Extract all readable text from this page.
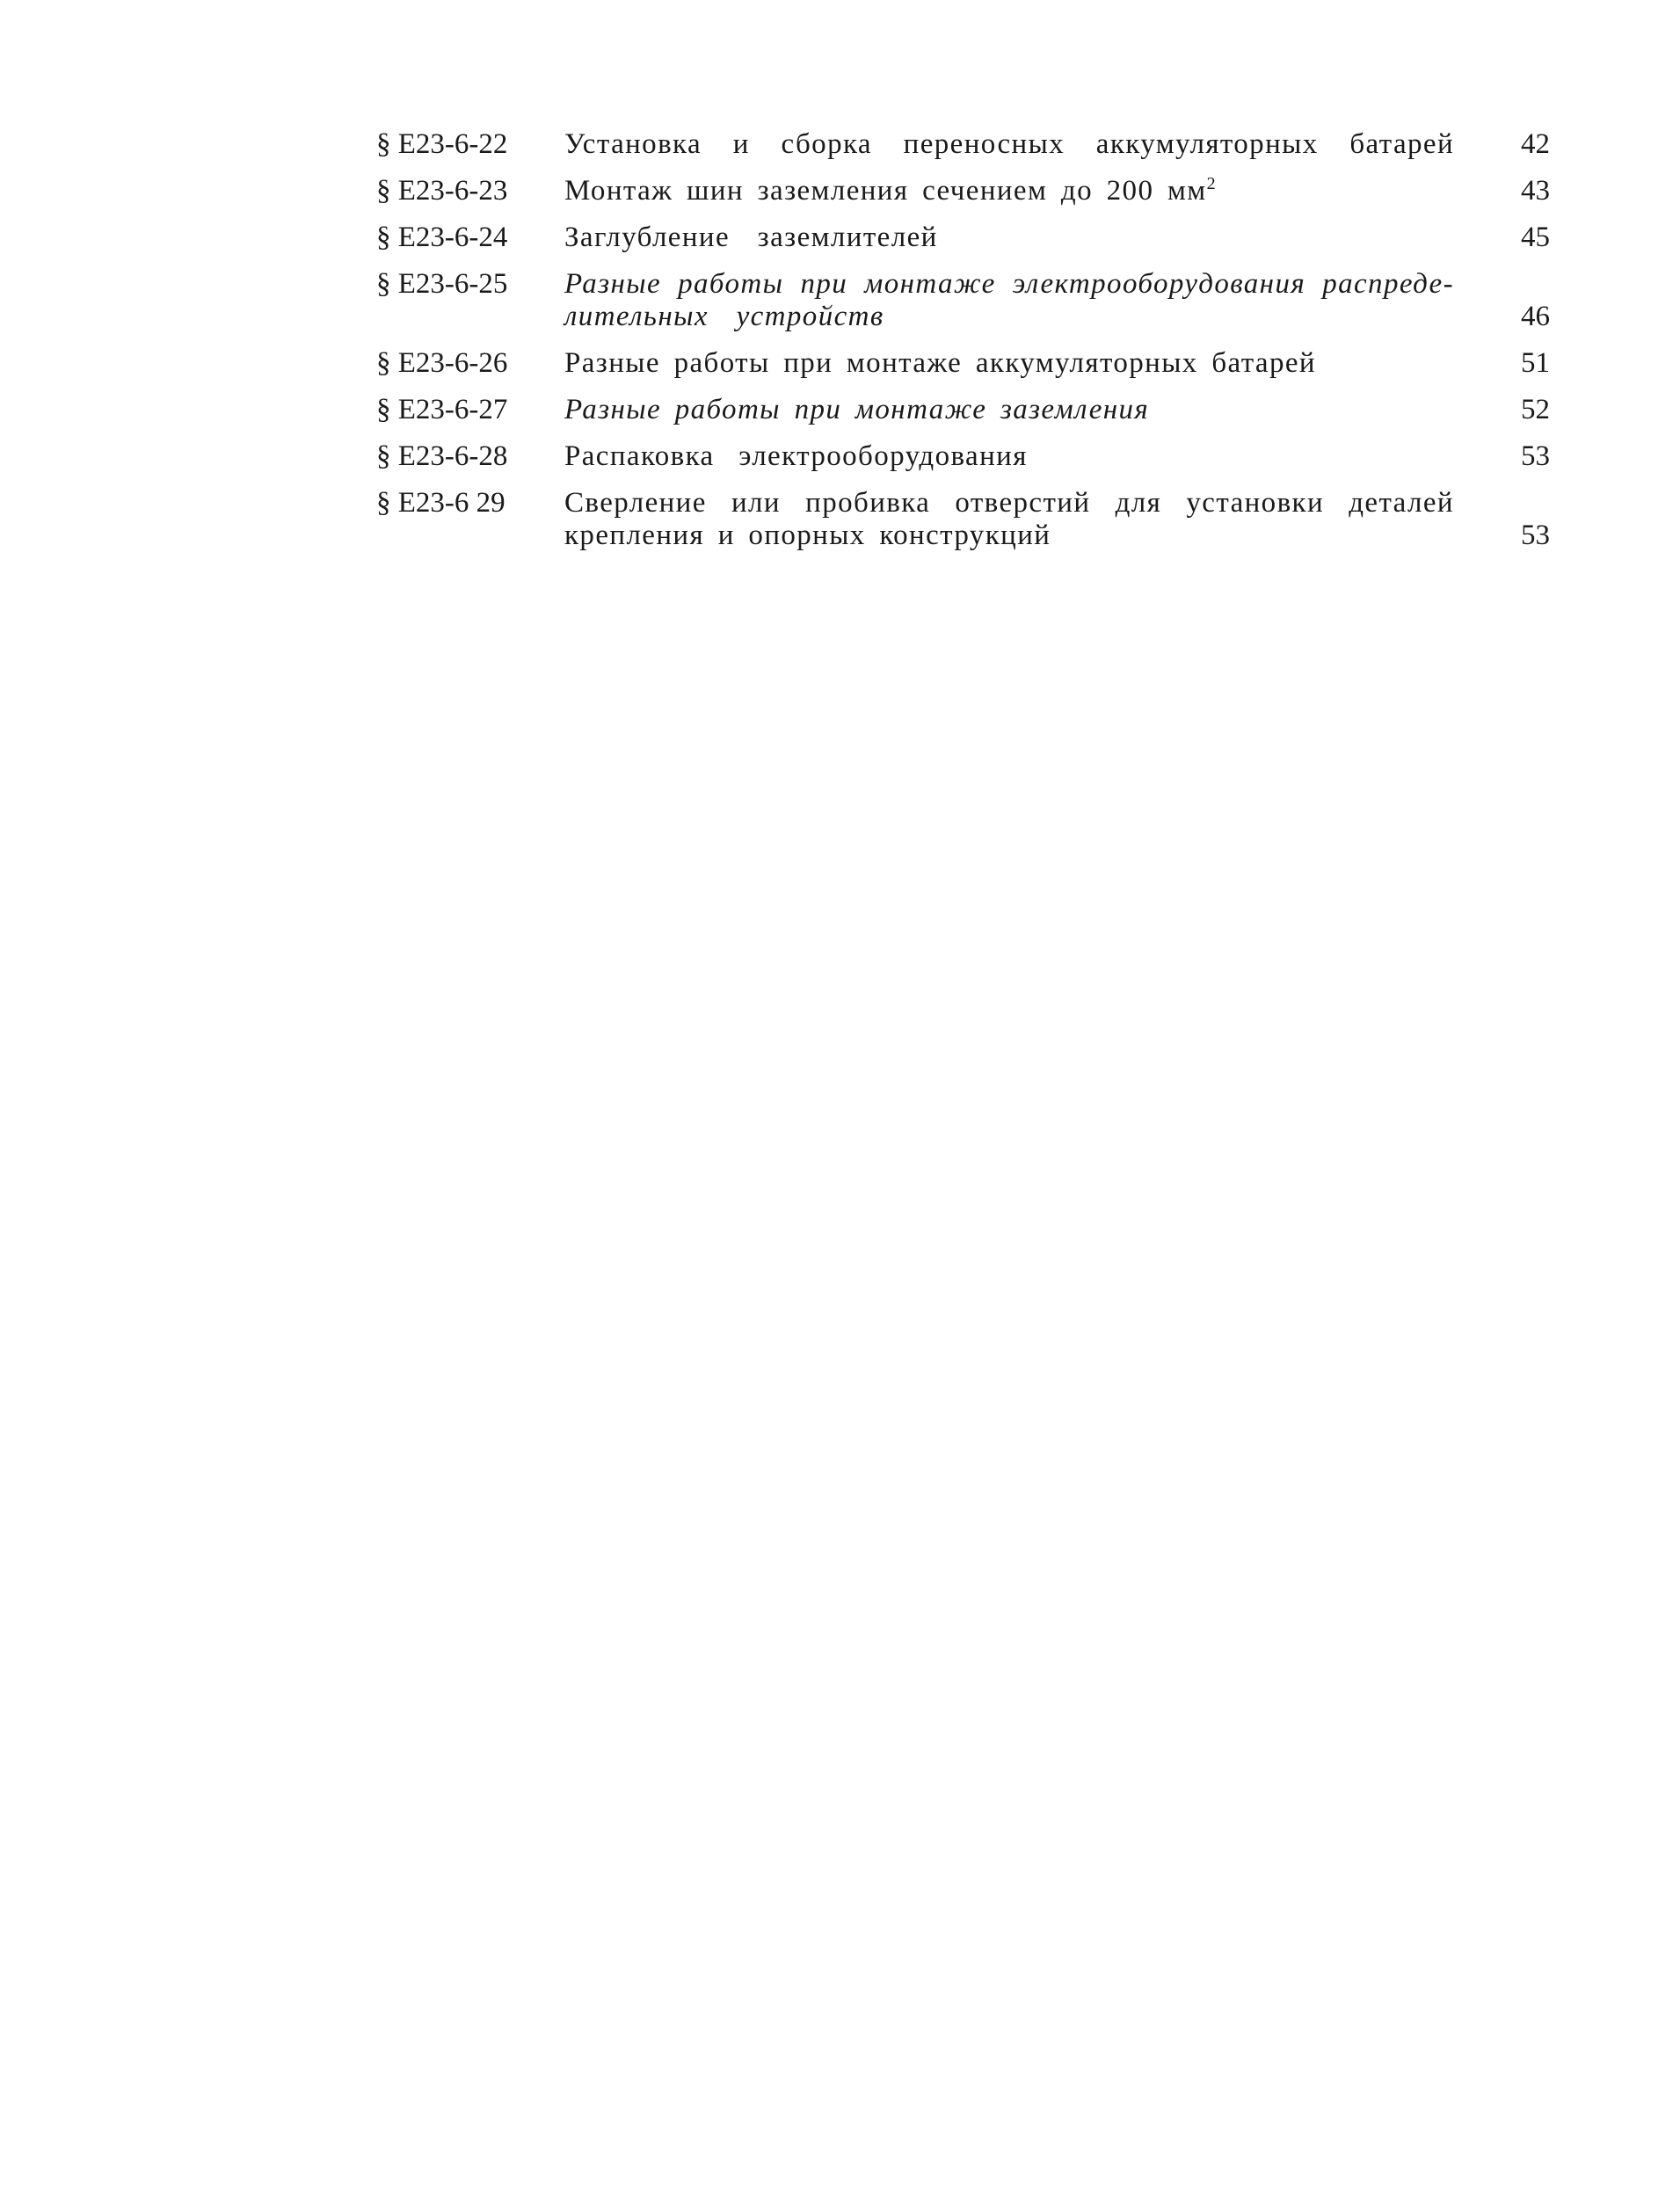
§ Е23-6-22	Установка и сборка переносных аккумуляторных батарей	42
§ Е23-6-23	Монтаж шин заземления сечением до 200 $мм^2$	43
§ Е23-6-24	Заглубление заземлителей	45
§ Е23-6-25	Разные работы при монтаже электрооборудования распреде-
лительных устройств	46
§ Е23-6-26	Разные работы при монтаже аккумуляторных батарей	51
§ Е23-6-27	Разные работы при монтаже заземления	52
§ Е23-6-28	Распаковка электрооборудования	53
§ Е23-6 29	Сверление или пробивка отверстий для установки деталей
крепления и опорных конструкций	53
